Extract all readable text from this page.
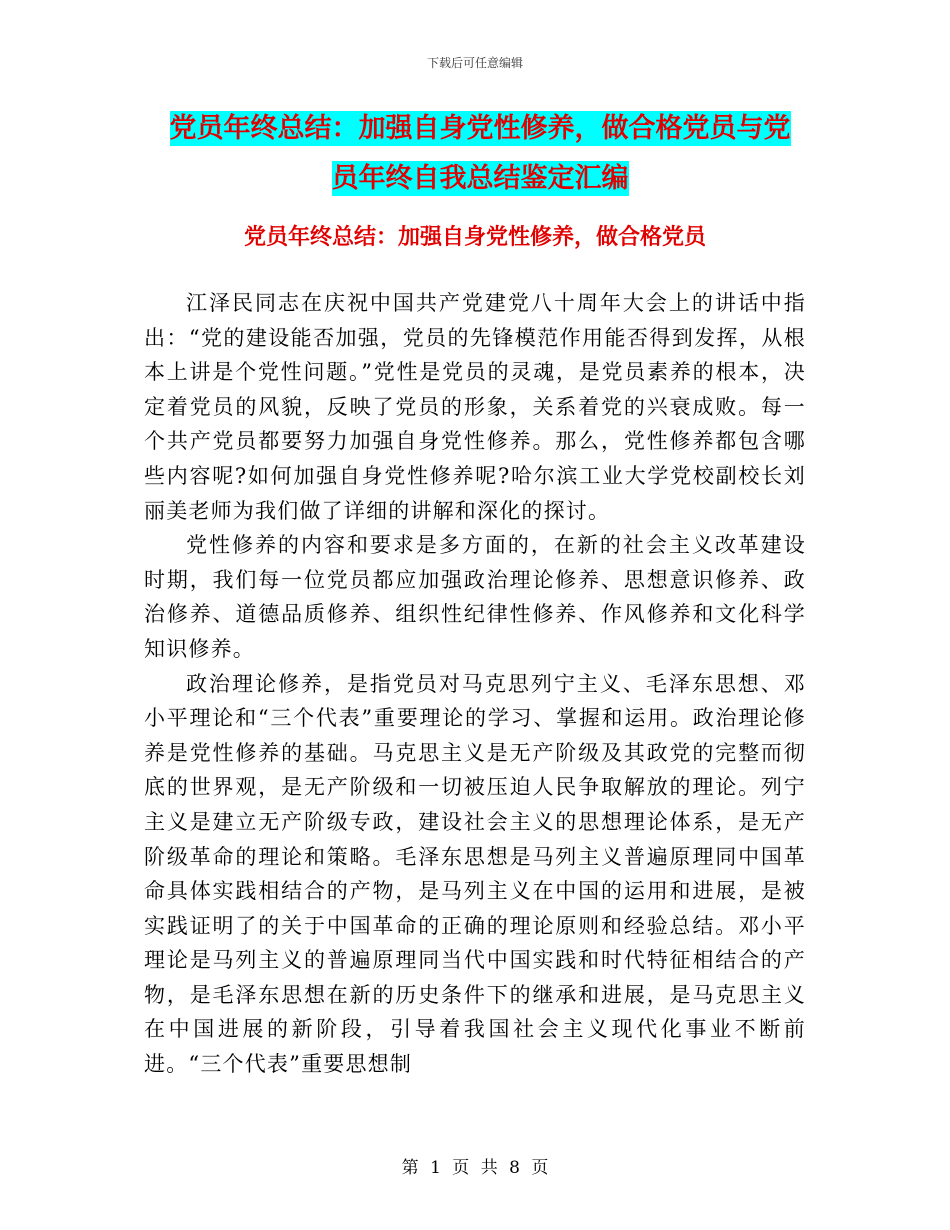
下载后可任意编辑
党员年终总结：加强自身党性修养，做合格党员与党
员年终自我总结鉴定汇编
党员年终总结：加强自身党性修养，做合格党员

江泽民同志在庆祝中国共产党建党八十周年大会上的讲话中指出：“党的建设能否加强，党员的先锋模范作用能否得到发挥，从根本上讲是个党性问题。”党性是党员的灵魂，是党员素养的根本，决定着党员的风貌，反映了党员的形象，关系着党的兴衰成败。每一个共产党员都要努力加强自身党性修养。那么，党性修养都包含哪些内容呢?如何加强自身党性修养呢?哈尔滨工业大学党校副校长刘丽美老师为我们做了详细的讲解和深化的探讨。

党性修养的内容和要求是多方面的，在新的社会主义改革建设时期，我们每一位党员都应加强政治理论修养、思想意识修养、政治修养、道德品质修养、组织性纪律性修养、作风修养和文化科学知识修养。

政治理论修养，是指党员对马克思列宁主义、毛泽东思想、邓小平理论和“三个代表”重要理论的学习、掌握和运用。政治理论修养是党性修养的基础。马克思主义是无产阶级及其政党的完整而彻底的世界观，是无产阶级和一切被压迫人民争取解放的理论。列宁主义是建立无产阶级专政，建设社会主义的思想理论体系，是无产阶级革命的理论和策略。毛泽东思想是马列主义普遍原理同中国革命具体实践相结合的产物，是马列主义在中国的运用和进展，是被实践证明了的关于中国革命的正确的理论原则和经验总结。邓小平理论是马列主义的普遍原理同当代中国实践和时代特征相结合的产物，是毛泽东思想在新的历史条件下的继承和进展，是马克思主义在中国进展的新阶段，引导着我国社会主义现代化事业不断前进。“三个代表”重要思想制

第 1 页 共 8 页
